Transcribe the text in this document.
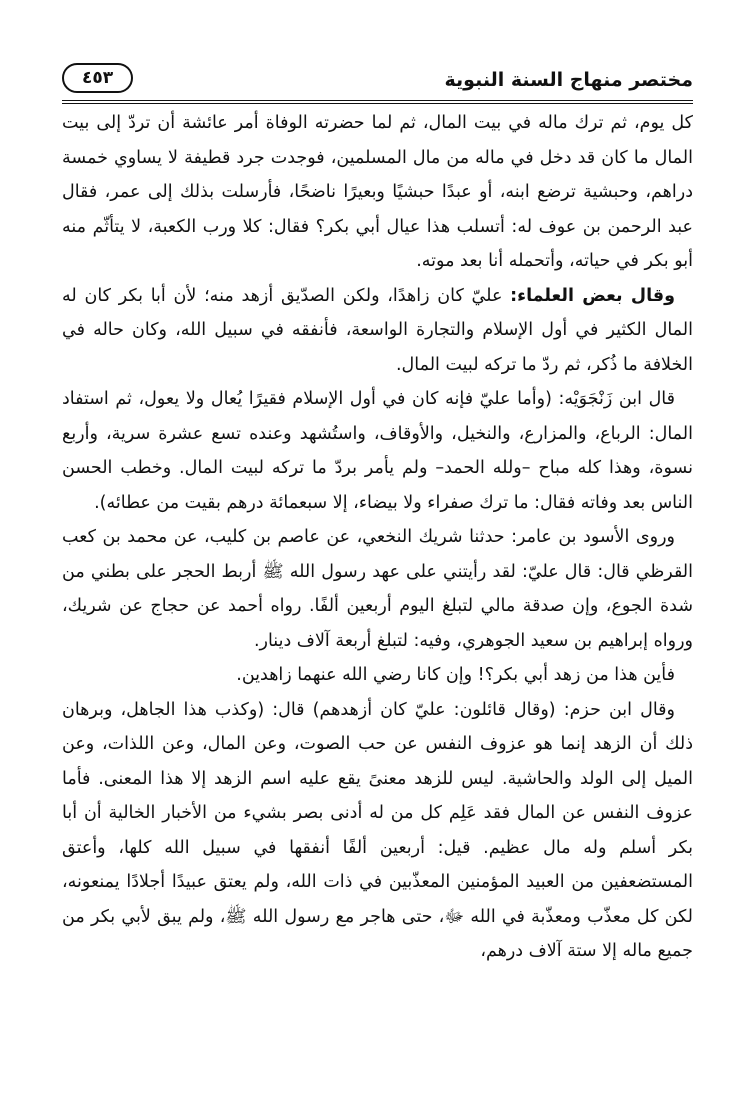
مختصر منهاج السنة النبوية
٤٥٣

كل يوم، ثم ترك ماله في بيت المال، ثم لما حضرته الوفاة أمر عائشة أن تردّ إلى بيت المال ما كان قد دخل في ماله من مال المسلمين، فوجدت جرد قطيفة لا يساوي خمسة دراهم، وحبشية ترضع ابنه، أو عبدًا حبشيًا وبعيرًا ناضحًا، فأرسلت بذلك إلى عمر، فقال عبد الرحمن بن عوف له: أتسلب هذا عيال أبي بكر؟ فقال: كلا ورب الكعبة، لا يتأثّم منه أبو بكر في حياته، وأتحمله أنا بعد موته.

وقال بعض العلماء: عليّ كان زاهدًا، ولكن الصدّيق أزهد منه؛ لأن أبا بكر كان له المال الكثير في أول الإسلام والتجارة الواسعة، فأنفقه في سبيل الله، وكان حاله في الخلافة ما ذُكر، ثم ردّ ما تركه لبيت المال.

قال ابن زَنْجَوَيْه: (وأما عليّ فإنه كان في أول الإسلام فقيرًا يُعال ولا يعول، ثم استفاد المال: الرباع، والمزارع، والنخيل، والأوقاف، واستُشهد وعنده تسع عشرة سرية، وأربع نسوة، وهذا كله مباح –ولله الحمد– ولم يأمر بردّ ما تركه لبيت المال. وخطب الحسن الناس بعد وفاته فقال: ما ترك صفراء ولا بيضاء، إلا سبعمائة درهم بقيت من عطائه).

وروى الأسود بن عامر: حدثنا شريك النخعي، عن عاصم بن كليب، عن محمد بن كعب القرظي قال: قال عليّ: لقد رأيتني على عهد رسول الله ﷺ أربط الحجر على بطني من شدة الجوع، وإن صدقة مالي لتبلغ اليوم أربعين ألفًا. رواه أحمد عن حجاج عن شريك، ورواه إبراهيم بن سعيد الجوهري، وفيه: لتبلغ أربعة آلاف دينار.

فأين هذا من زهد أبي بكر؟! وإن كانا رضي الله عنهما زاهدين.

وقال ابن حزم: (وقال قائلون: عليّ كان أزهدهم) قال: (وكذب هذا الجاهل، وبرهان ذلك أن الزهد إنما هو عزوف النفس عن حب الصوت، وعن المال، وعن اللذات، وعن الميل إلى الولد والحاشية. ليس للزهد معنىً يقع عليه اسم الزهد إلا هذا المعنى. فأما عزوف النفس عن المال فقد عَلِم كل من له أدنى بصر بشيء من الأخبار الخالية أن أبا بكر أسلم وله مال عظيم. قيل: أربعين ألفًا أنفقها في سبيل الله كلها، وأعتق المستضعفين من العبيد المؤمنين المعذّبين في ذات الله، ولم يعتق عبيدًا أجلادًا يمنعونه، لكن كل معذّب ومعذّبة في الله ﷻ، حتى هاجر مع رسول الله ﷺ، ولم يبق لأبي بكر من جميع ماله إلا ستة آلاف درهم،
